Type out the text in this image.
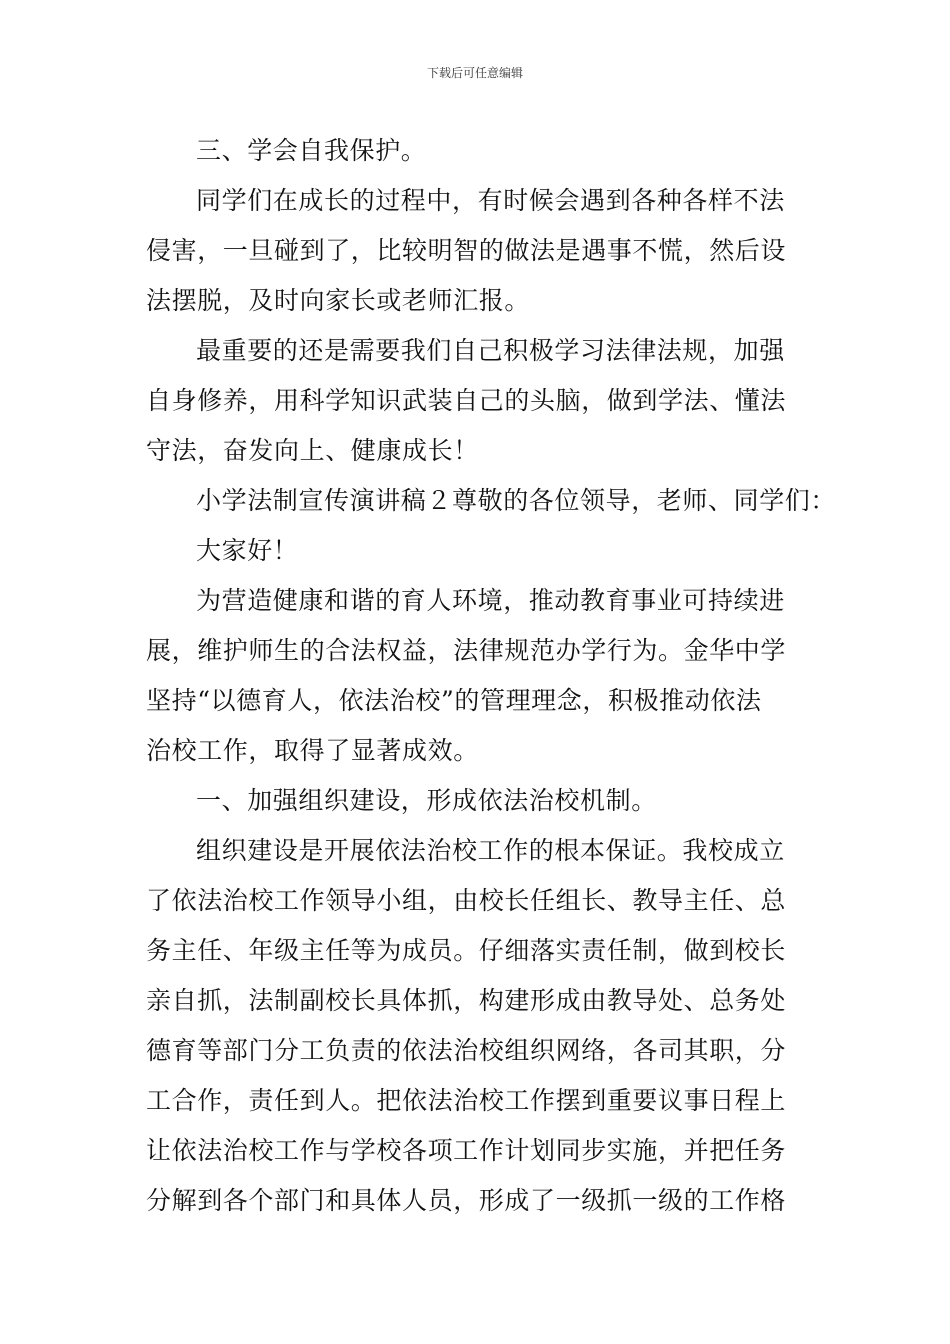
下载后可任意编辑
三、学会自我保护。
同学们在成长的过程中，有时候会遇到各种各样不法
侵害，一旦碰到了，比较明智的做法是遇事不慌，然后设
法摆脱，及时向家长或老师汇报。
最重要的还是需要我们自己积极学习法律法规，加强
自身修养，用科学知识武装自己的头脑，做到学法、懂法
守法，奋发向上、健康成长！
小学法制宣传演讲稿２尊敬的各位领导，老师、同学们：
大家好！
为营造健康和谐的育人环境，推动教育事业可持续进
展，维护师生的合法权益，法律规范办学行为。金华中学
坚持“以德育人，依法治校”的管理理念，积极推动依法
治校工作，取得了显著成效。
一、加强组织建设，形成依法治校机制。
组织建设是开展依法治校工作的根本保证。我校成立
了依法治校工作领导小组，由校长任组长、教导主任、总
务主任、年级主任等为成员。仔细落实责任制，做到校长
亲自抓，法制副校长具体抓，构建形成由教导处、总务处
德育等部门分工负责的依法治校组织网络，各司其职，分
工合作，责任到人。把依法治校工作摆到重要议事日程上
让依法治校工作与学校各项工作计划同步实施，并把任务
分解到各个部门和具体人员，形成了一级抓一级的工作格
